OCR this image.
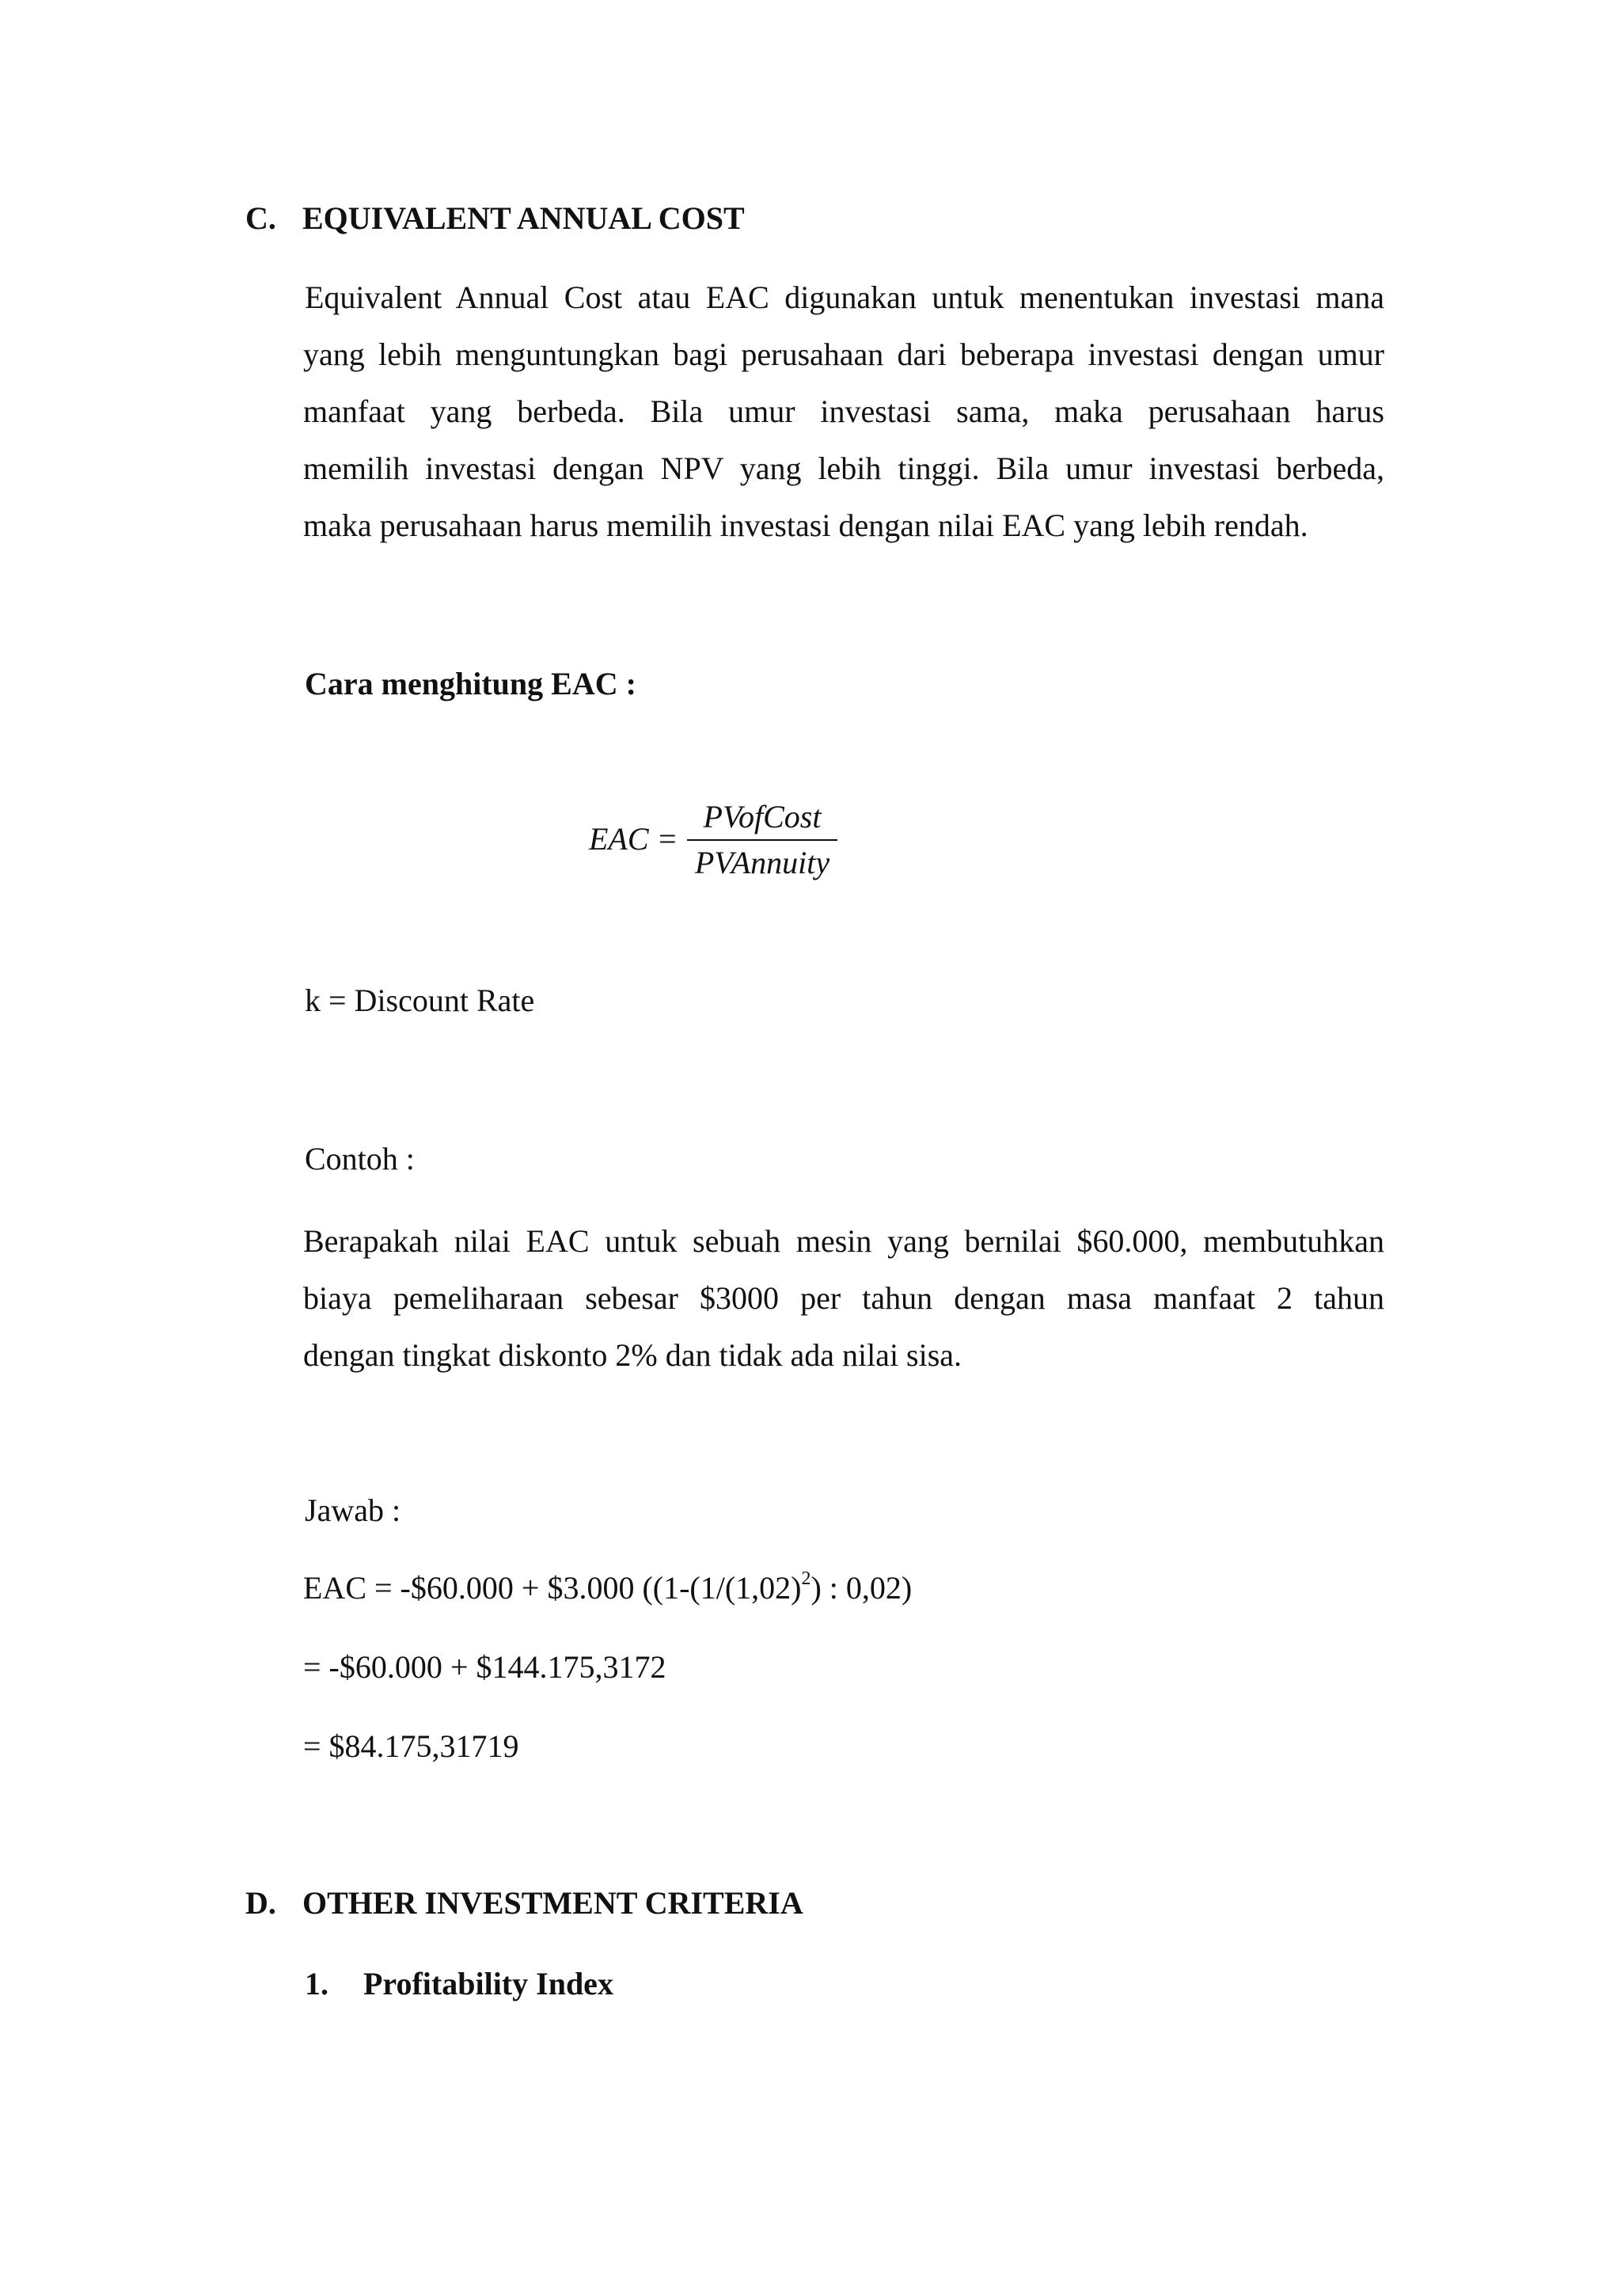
C. EQUIVALENT ANNUAL COST
Equivalent Annual Cost atau EAC digunakan untuk menentukan investasi mana
yang lebih menguntungkan bagi perusahaan dari beberapa investasi dengan umur
manfaat yang berbeda. Bila umur investasi sama, maka perusahaan harus
memilih investasi dengan NPV yang lebih tinggi. Bila umur investasi berbeda,
maka perusahaan harus memilih investasi dengan nilai EAC yang lebih rendah.
Cara menghitung EAC :
EAC =
PVofCost
PVAnnuity
k = Discount Rate
Contoh :
Berapakah nilai EAC untuk sebuah mesin yang bernilai $60.000, membutuhkan
biaya pemeliharaan sebesar $3000 per tahun dengan masa manfaat 2 tahun
dengan tingkat diskonto 2% dan tidak ada nilai sisa.
Jawab :
EAC = -$60.000 + $3.000 (($1-(1/(1,02)^2)$ : 0,02)
= -$60.000 + $144.175,3172
= $84.175,31719
D. OTHER INVESTMENT CRITERIA
1. Profitability Index
